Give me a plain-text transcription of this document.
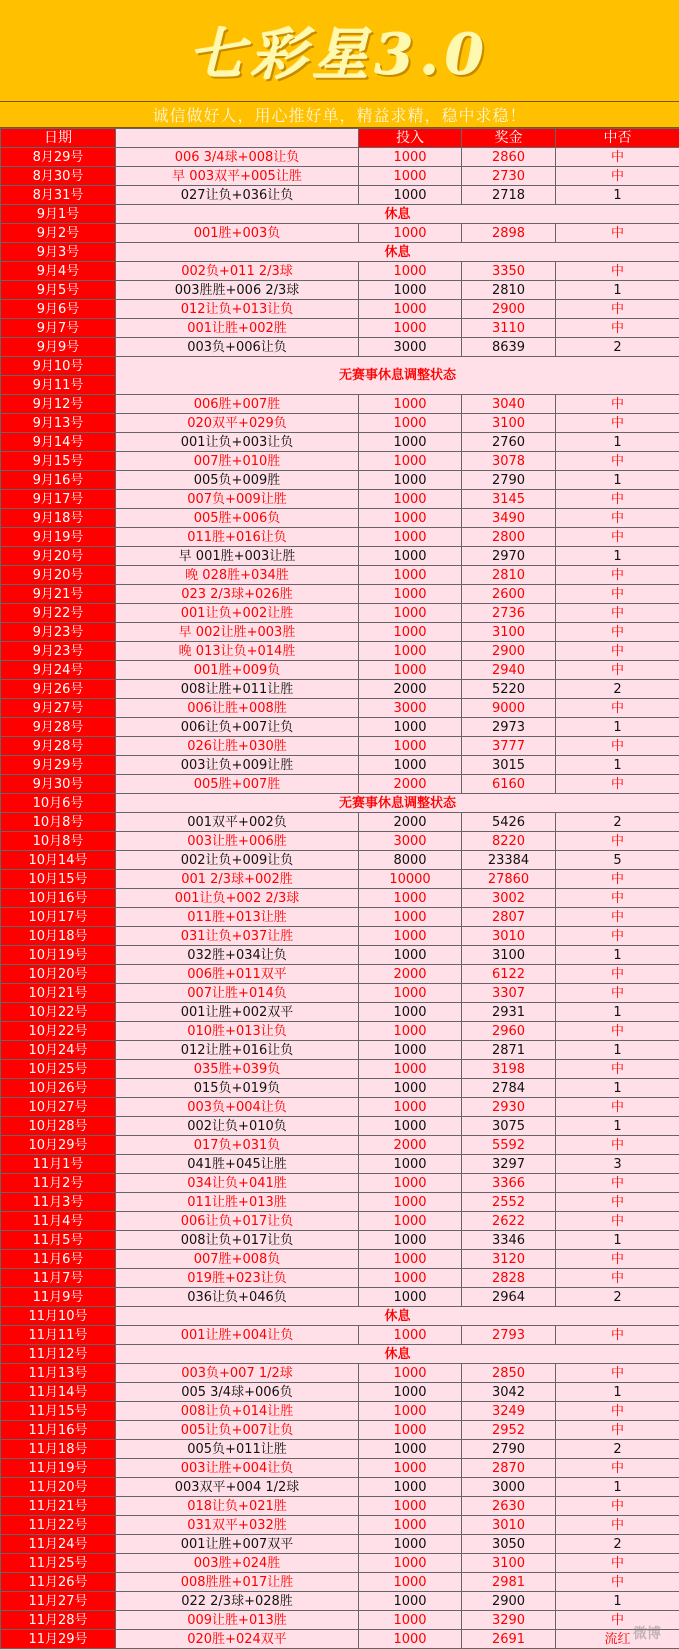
七彩星3.0
诚信做好人，用心推好单，精益求精，稳中求稳！
日期		投入	奖金	中否
8月29号	006 3/4球+008让负	1000	2860	中
8月30号	早 003双平+005让胜	1000	2730	中
8月31号	027让负+036让负	1000	2718	1
9月1号	休息			
9月2号	001胜+003负	1000	2898	中
9月3号	休息			
9月4号	002负+011 2/3球	1000	3350	中
9月5号	003胜胜+006 2/3球	1000	2810	1
9月6号	012让负+013让负	1000	2900	中
9月7号	001让胜+002胜	1000	3110	中
9月9号	003负+006让负	3000	8639	2
9月10号	无赛事休息调整状态			
9月11号				
9月12号	006胜+007胜	1000	3040	中
9月13号	020双平+029负	1000	3100	中
9月14号	001让负+003让负	1000	2760	1
9月15号	007胜+010胜	1000	3078	中
9月16号	005负+009胜	1000	2790	1
9月17号	007负+009让胜	1000	3145	中
9月18号	005胜+006负	1000	3490	中
9月19号	011胜+016让负	1000	2800	中
9月20号	早 001胜+003让胜	1000	2970	1
9月20号	晚 028胜+034胜	1000	2810	中
9月21号	023 2/3球+026胜	1000	2600	中
9月22号	001让负+002让胜	1000	2736	中
9月23号	早 002让胜+003胜	1000	3100	中
9月23号	晚 013让负+014胜	1000	2900	中
9月24号	001胜+009负	1000	2940	中
9月26号	008让胜+011让胜	2000	5220	2
9月27号	006让胜+008胜	3000	9000	中
9月28号	006让负+007让负	1000	2973	1
9月28号	026让胜+030胜	1000	3777	中
9月29号	003让负+009让胜	1000	3015	1
9月30号	005胜+007胜	2000	6160	中
10月6号	无赛事休息调整状态			
10月8号	001双平+002负	2000	5426	2
10月8号	003让胜+006胜	3000	8220	中
10月14号	002让负+009让负	8000	23384	5
10月15号	001 2/3球+002胜	10000	27860	中
10月16号	001让负+002 2/3球	1000	3002	中
10月17号	011胜+013让胜	1000	2807	中
10月18号	031让负+037让胜	1000	3010	中
10月19号	032胜+034让负	1000	3100	1
10月20号	006胜+011双平	2000	6122	中
10月21号	007让胜+014负	1000	3307	中
10月22号	001让胜+002双平	1000	2931	1
10月22号	010胜+013让负	1000	2960	中
10月24号	012让胜+016让负	1000	2871	1
10月25号	035胜+039负	1000	3198	中
10月26号	015负+019负	1000	2784	1
10月27号	003负+004让负	1000	2930	中
10月28号	002让负+010负	1000	3075	1
10月29号	017负+031负	2000	5592	中
11月1号	041胜+045让胜	1000	3297	3
11月2号	034让负+041胜	1000	3366	中
11月3号	011让胜+013胜	1000	2552	中
11月4号	006让负+017让负	1000	2622	中
11月5号	008让负+017让负	1000	3346	1
11月6号	007胜+008负	1000	3120	中
11月7号	019胜+023让负	1000	2828	中
11月9号	036让负+046负	1000	2964	2
11月10号	休息			
11月11号	001让胜+004让负	1000	2793	中
11月12号	休息			
11月13号	003负+007 1/2球	1000	2850	中
11月14号	005 3/4球+006负	1000	3042	1
11月15号	008让负+014让胜	1000	3249	中
11月16号	005让负+007让负	1000	2952	中
11月18号	005负+011让胜	1000	2790	2
11月19号	003让胜+004让负	1000	2870	中
11月20号	003双平+004 1/2球	1000	3000	1
11月21号	018让负+021胜	1000	2630	中
11月22号	031双平+032胜	1000	3010	中
11月24号	001让胜+007双平	1000	3050	2
11月25号	003胜+024胜	1000	3100	中
11月26号	008胜胜+017让胜	1000	2981	中
11月27号	022 2/3球+028胜	1000	2900	1
11月28号	009让胜+013胜	1000	3290	中
11月29号	020胜+024双平	1000	2691	流红 微博
